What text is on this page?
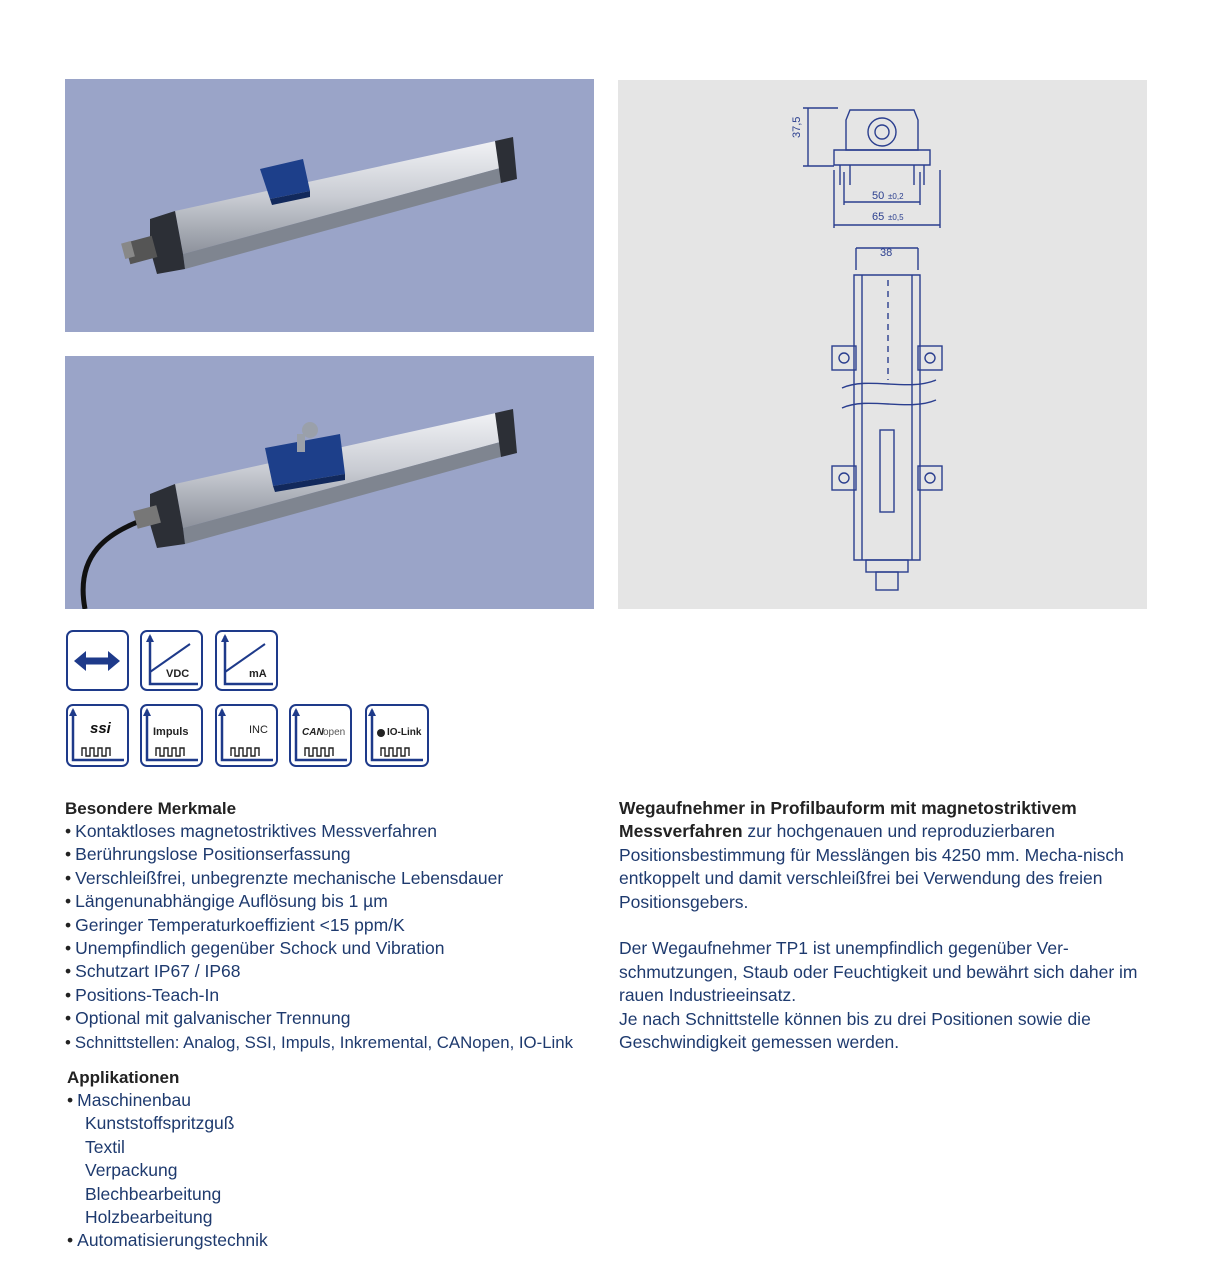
37,5
50 ±0,2
65 ±0,5
38
VDC	mA
ssi	Impuls	INC	CAN open	IO-Link
Besondere Merkmale
• Kontaktloses magnetostriktives Messverfahren
• Berührungslose Positionserfassung
• Verschleißfrei, unbegrenzte mechanische Lebensdauer
• Längenunabhängige Auflösung bis 1 µm
• Geringer Temperaturkoeffizient <15 ppm/K
• Unempfindlich gegenüber Schock und Vibration
• Schutzart IP67 / IP68
• Positions-Teach-In
• Optional mit galvanischer Trennung
• Schnittstellen: Analog, SSI, Impuls, Inkremental, CANopen, IO-Link
Applikationen
• Maschinenbau
Kunststoffspritzguß
Textil
Verpackung
Blechbearbeitung
Holzbearbeitung
• Automatisierungstechnik

Wegaufnehmer in Profilbauform mit magnetostriktivem Messverfahren zur hochgenauen und reproduzierbaren Positionsbestimmung für Messlängen bis 4250 mm. Mecha-nisch entkoppelt und damit verschleißfrei bei Verwendung des freien Positionsgebers.

Der Wegaufnehmer TP1 ist unempfindlich gegenüber Ver-schmutzungen, Staub oder Feuchtigkeit und bewährt sich daher im rauen Industrieeinsatz.

Je nach Schnittstelle können bis zu drei Positionen sowie die Geschwindigkeit gemessen werden.
